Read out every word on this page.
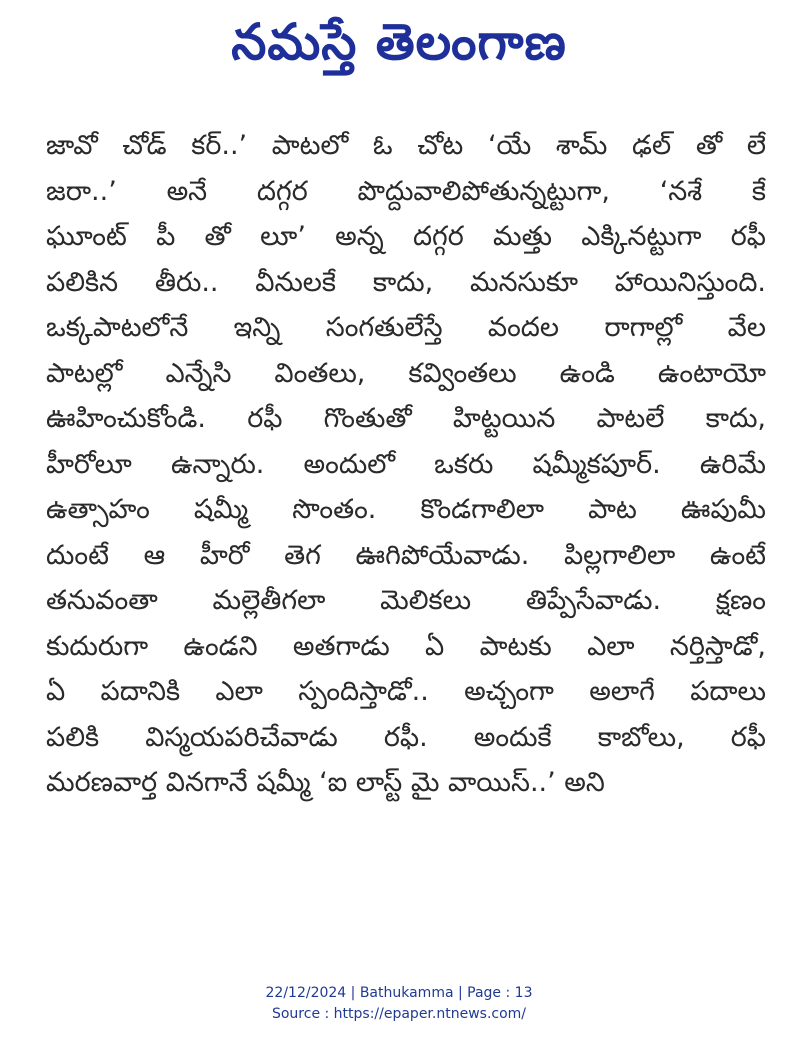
నమస్తే తెలంగాణ
జావో చోడ్ కర్..’ పాటలో ఓ చోట ‘యే శామ్ ఢల్ తో లే
జరా..’ అనే దగ్గర పొద్దువాలిపోతున్నట్టుగా, ‘నశే కే
ఘూంట్ పీ తో లూ’ అన్న దగ్గర మత్తు ఎక్కినట్టుగా రఫీ
పలికిన తీరు.. వీనులకే కాదు, మనసుకూ హాయినిస్తుంది.
ఒక్కపాటలోనే ఇన్ని సంగతులేస్తే వందల రాగాల్లో వేల
పాటల్లో ఎన్నేసి వింతలు, కవ్వింతలు ఉండి ఉంటాయో
ఊహించుకోండి. రఫీ గొంతుతో హిట్టయిన పాటలే కాదు,
హీరోలూ ఉన్నారు. అందులో ఒకరు షమ్మీకపూర్. ఉరిమే
ఉత్సాహం షమ్మీ సొంతం. కొండగాలిలా పాట ఊపుమీ
దుంటే ఆ హీరో తెగ ఊగిపోయేవాడు. పిల్లగాలిలా ఉంటే
తనువంతా మల్లెతీగలా మెలికలు తిప్పేసేవాడు. క్షణం
కుదురుగా ఉండని అతగాడు ఏ పాటకు ఎలా నర్తిస్తాడో,
ఏ పదానికి ఎలా స్పందిస్తాడో.. అచ్చంగా అలాగే పదాలు
పలికి విస్మయపరిచేవాడు రఫీ. అందుకే కాబోలు, రఫీ
మరణవార్త వినగానే షమ్మీ ‘ఐ లాస్ట్ మై వాయిస్..’ అని
22/12/2024 | Bathukamma | Page : 13
Source : https://epaper.ntnews.com/
